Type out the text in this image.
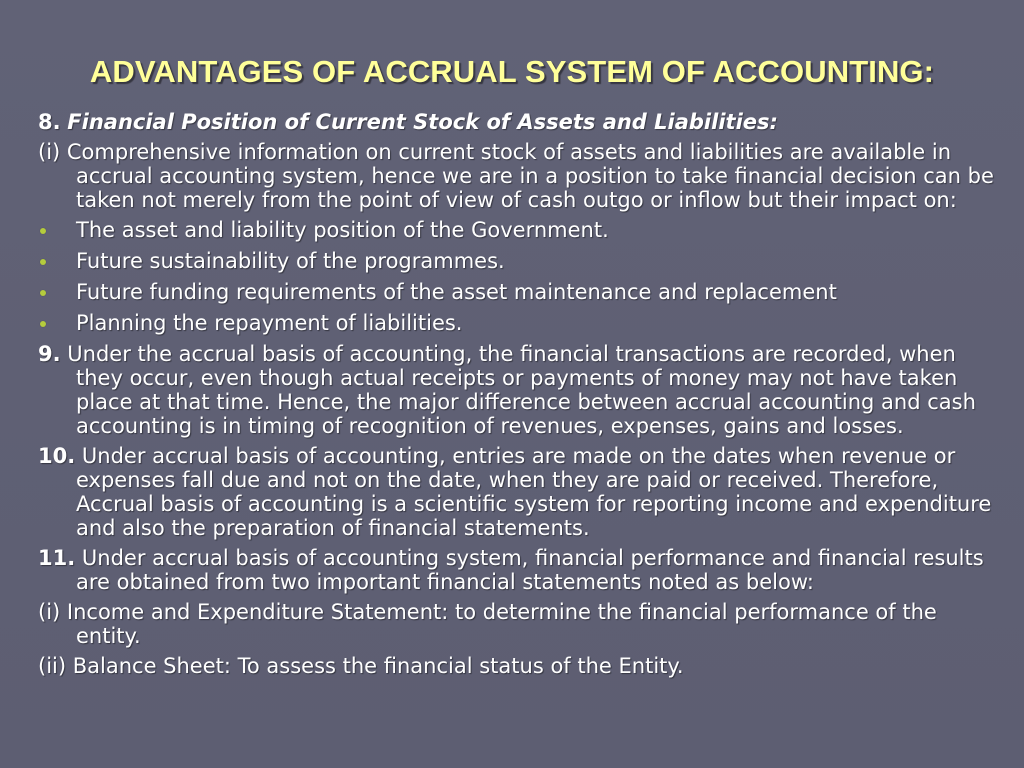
ADVANTAGES OF ACCRUAL SYSTEM OF ACCOUNTING:
8. Financial Position of Current Stock of Assets and Liabilities:
(i) Comprehensive information on current stock of assets and liabilities are available in accrual accounting system, hence we are in a position to take financial decision can be taken not merely from the point of view of cash outgo or inflow but their impact on:
The asset and liability position of the Government.
Future sustainability of the programmes.
Future funding requirements of the asset maintenance and replacement
Planning the repayment of liabilities.
9. Under the accrual basis of accounting, the financial transactions are recorded, when they occur, even though actual receipts or payments of money may not have taken place at that time. Hence, the major difference between accrual accounting and cash accounting is in timing of recognition of revenues, expenses, gains and losses.
10. Under accrual basis of accounting, entries are made on the dates when revenue or expenses fall due and not on the date, when they are paid or received. Therefore, Accrual basis of accounting is a scientific system for reporting income and expenditure and also the preparation of financial statements.
11. Under accrual basis of accounting system, financial performance and financial results are obtained from two important financial statements noted as below:
(i) Income and Expenditure Statement: to determine the financial performance of the entity.
(ii) Balance Sheet: To assess the financial status of the Entity.
